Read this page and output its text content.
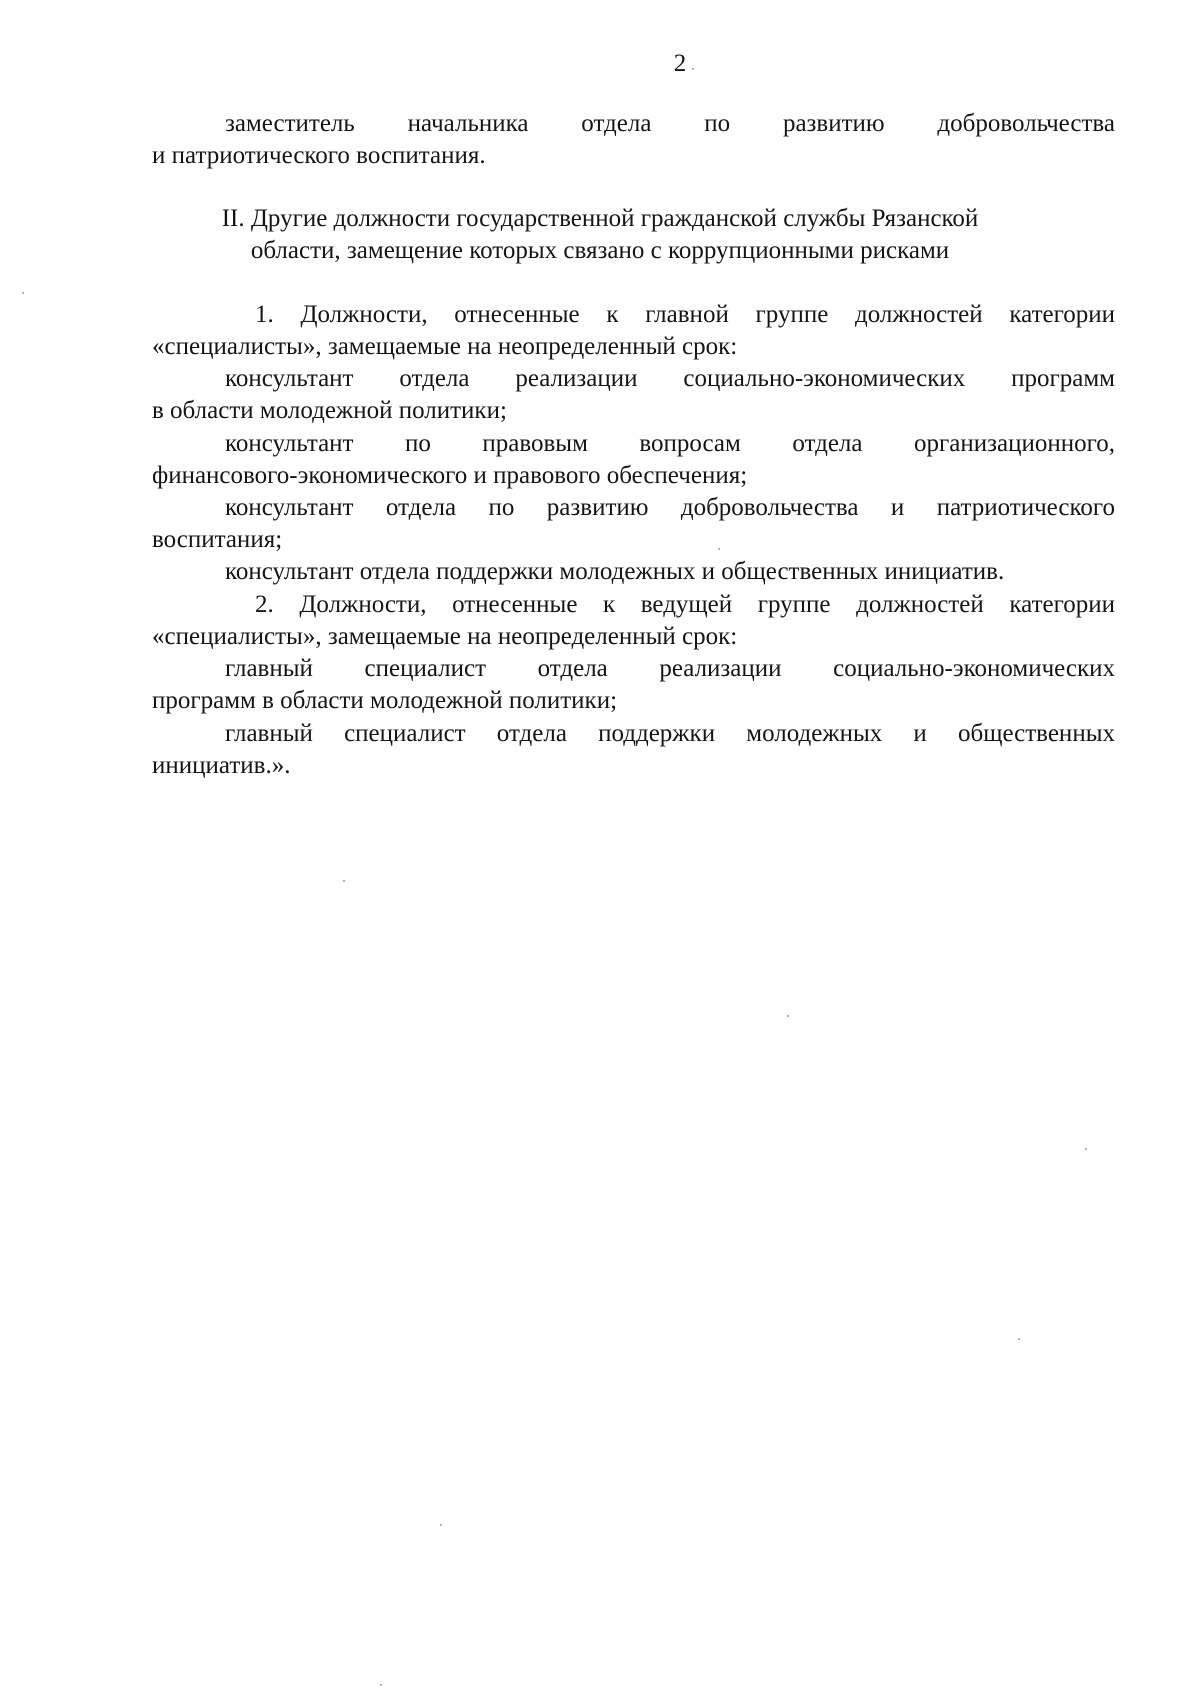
2
заместитель начальника отдела по развитию добровольчества
и патриотического воспитания.
II. Другие должности государственной гражданской службы Рязанской
области, замещение которых связано с коррупционными рисками
1. Должности, отнесенные к главной группе должностей категории
«специалисты», замещаемые на неопределенный срок:
консультант отдела реализации социально-экономических программ
в области молодежной политики;
консультант по правовым вопросам отдела организационного,
финансового-экономического и правового обеспечения;
консультант отдела по развитию добровольчества и патриотического
воспитания;
консультант отдела поддержки молодежных и общественных инициатив.
2. Должности, отнесенные к ведущей группе должностей категории
«специалисты», замещаемые на неопределенный срок:
главный специалист отдела реализации социально-экономических
программ в области молодежной политики;
главный специалист отдела поддержки молодежных и общественных
инициатив.».
